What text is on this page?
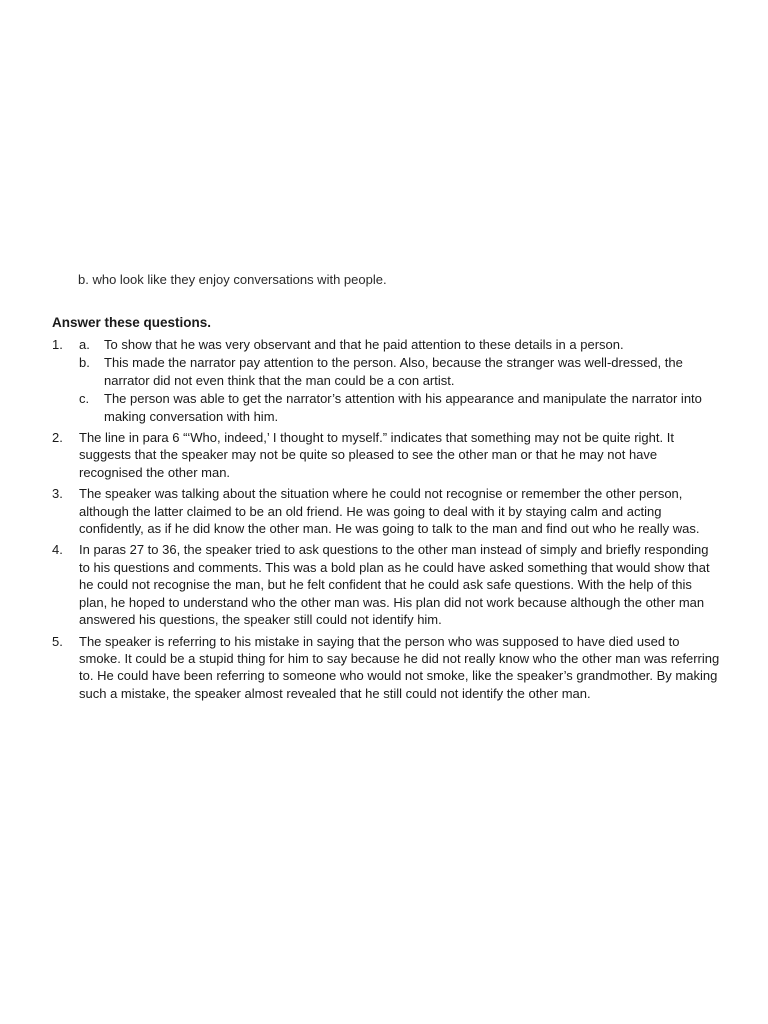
b. who look like they enjoy conversations with people.
Answer these questions.
1. a. To show that he was very observant and that he paid attention to these details in a person.
b. This made the narrator pay attention to the person. Also, because the stranger was well-dressed, the narrator did not even think that the man could be a con artist.
c. The person was able to get the narrator’s attention with his appearance and manipulate the narrator into making conversation with him.
2. The line in para 6 “‘Who, indeed,’ I thought to myself.” indicates that something may not be quite right. It suggests that the speaker may not be quite so pleased to see the other man or that he may not have recognised the other man.
3. The speaker was talking about the situation where he could not recognise or remember the other person, although the latter claimed to be an old friend. He was going to deal with it by staying calm and acting confidently, as if he did know the other man. He was going to talk to the man and find out who he really was.
4. In paras 27 to 36, the speaker tried to ask questions to the other man instead of simply and briefly responding to his questions and comments. This was a bold plan as he could have asked something that would show that he could not recognise the man, but he felt confident that he could ask safe questions. With the help of this plan, he hoped to understand who the other man was. His plan did not work because although the other man answered his questions, the speaker still could not identify him.
5. The speaker is referring to his mistake in saying that the person who was supposed to have died used to smoke. It could be a stupid thing for him to say because he did not really know who the other man was referring to. He could have been referring to someone who would not smoke, like the speaker’s grandmother. By making such a mistake, the speaker almost revealed that he still could not identify the other man.
